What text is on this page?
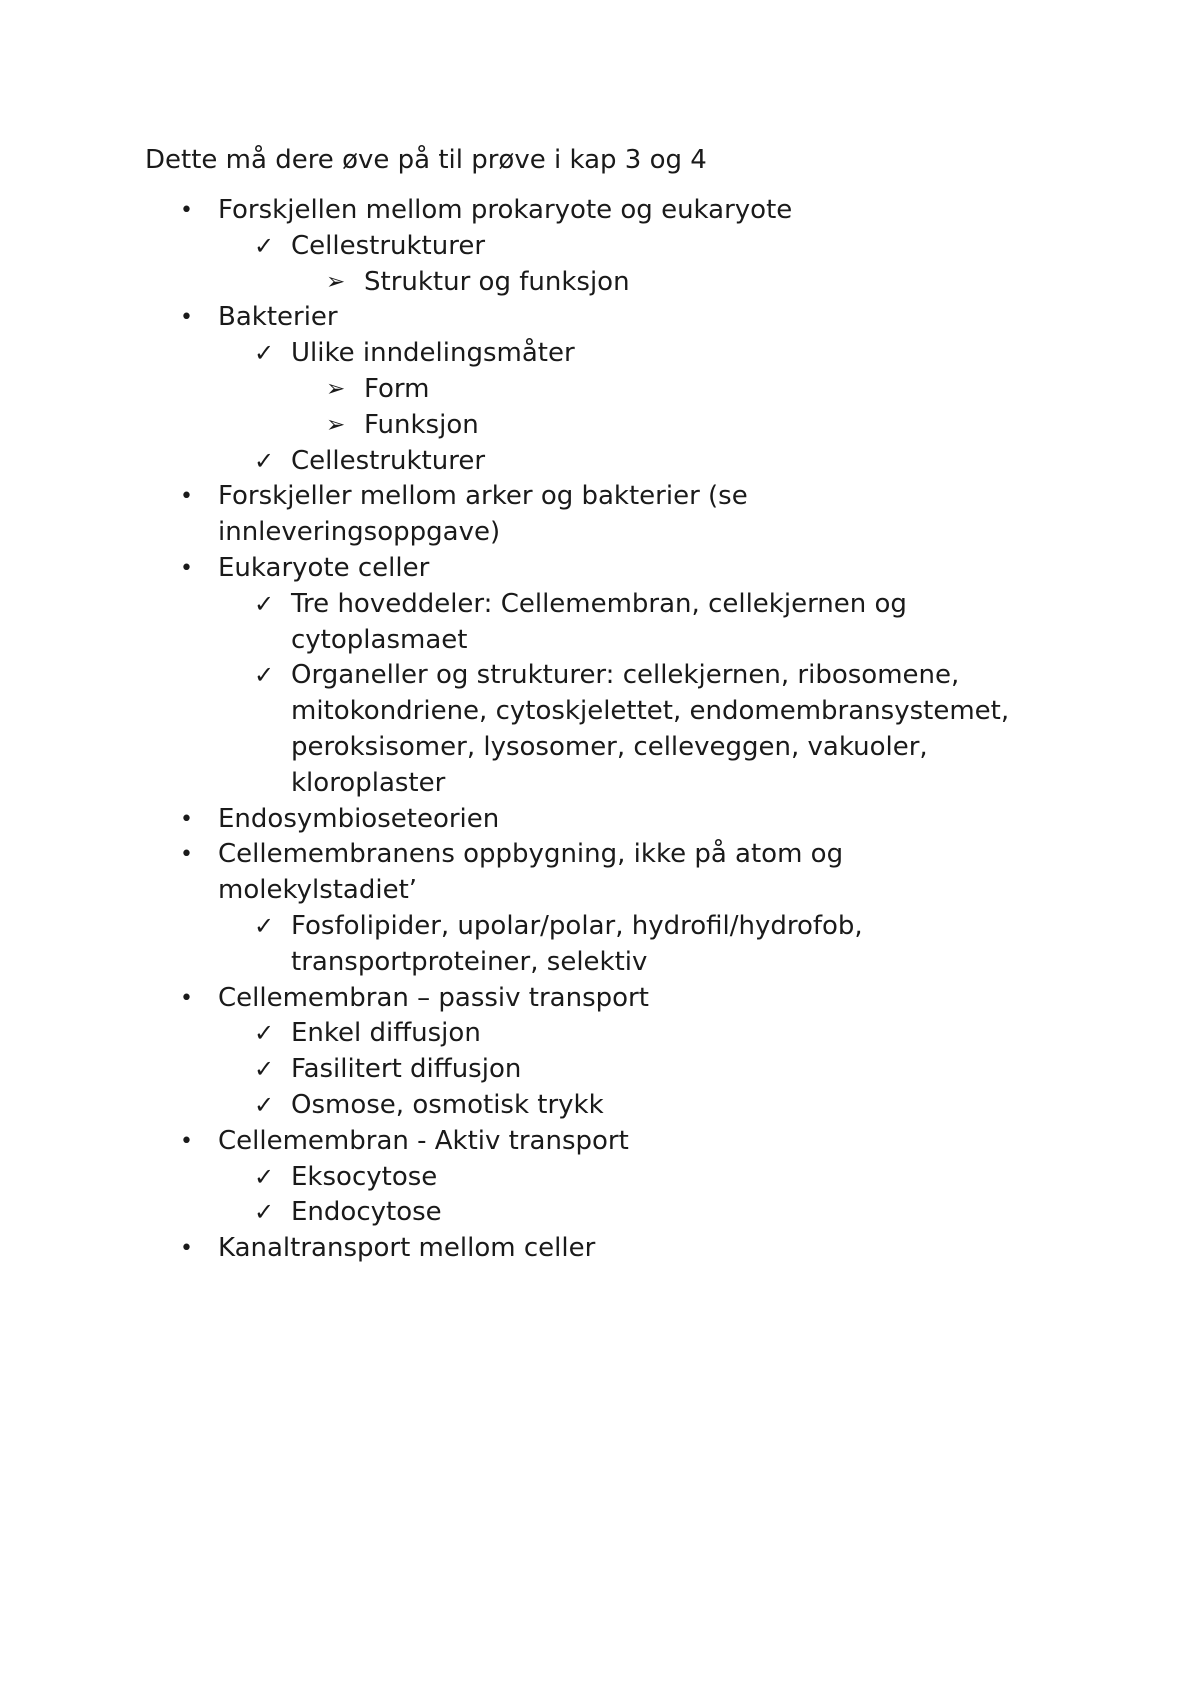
Dette må dere øve på til prøve i kap 3 og 4
• Forskjellen mellom prokaryote og eukaryote
✓ Cellestrukturer
➢ Struktur og funksjon
• Bakterier
✓ Ulike inndelingsmåter
➢ Form
➢ Funksjon
✓ Cellestrukturer
• Forskjeller mellom arker og bakterier (se innleveringsoppgave)
• Eukaryote celler
✓ Tre hoveddeler: Cellemembran, cellekjernen og cytoplasmaet
✓ Organeller og strukturer: cellekjernen, ribosomene, mitokondriene, cytoskjelettet, endomembransystemet, peroksisomer, lysosomer, celleveggen, vakuoler, kloroplaster
• Endosymbioseteorien
• Cellemembranens oppbygning, ikke på atom og molekylstadiet’
✓ Fosfolipider, upolar/polar, hydrofil/hydrofob, transportproteiner, selektiv
• Cellemembran – passiv transport
✓ Enkel diffusjon
✓ Fasilitert diffusjon
✓ Osmose, osmotisk trykk
• Cellemembran - Aktiv transport
✓ Eksocytose
✓ Endocytose
• Kanaltransport mellom celler
